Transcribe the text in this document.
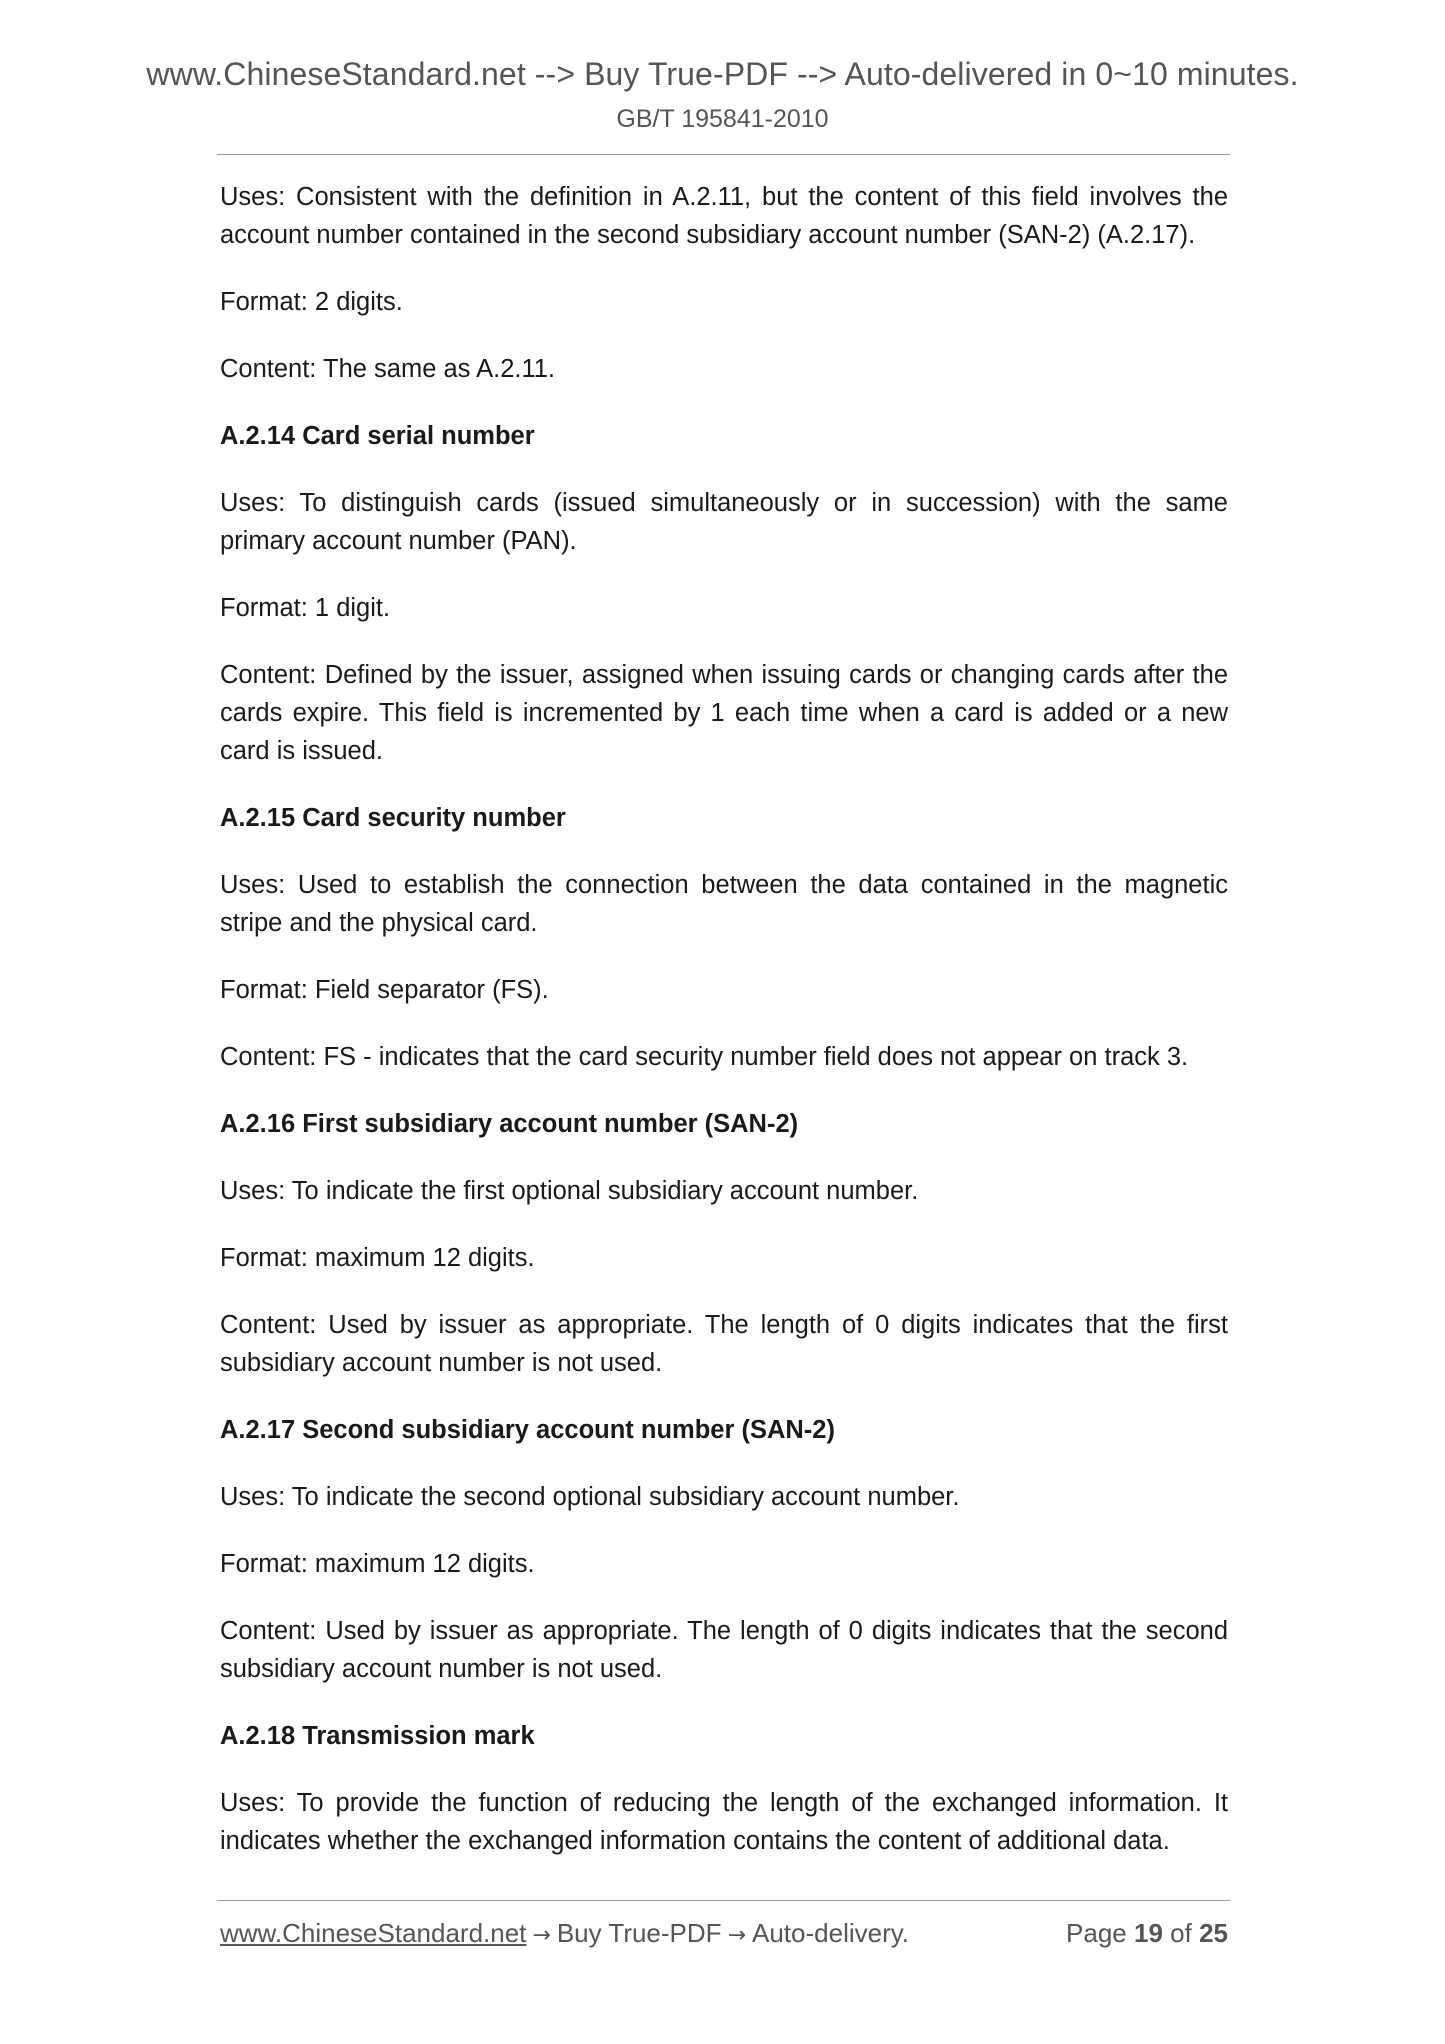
www.ChineseStandard.net --> Buy True-PDF --> Auto-delivered in 0~10 minutes.
GB/T 195841-2010

Uses: Consistent with the definition in A.2.11, but the content of this field involves the account number contained in the second subsidiary account number (SAN-2) (A.2.17).

Format: 2 digits.

Content: The same as A.2.11.

A.2.14 Card serial number

Uses: To distinguish cards (issued simultaneously or in succession) with the same primary account number (PAN).

Format: 1 digit.

Content: Defined by the issuer, assigned when issuing cards or changing cards after the cards expire. This field is incremented by 1 each time when a card is added or a new card is issued.

A.2.15 Card security number

Uses: Used to establish the connection between the data contained in the magnetic stripe and the physical card.

Format: Field separator (FS).

Content: FS - indicates that the card security number field does not appear on track 3.

A.2.16 First subsidiary account number (SAN-2)

Uses: To indicate the first optional subsidiary account number.

Format: maximum 12 digits.

Content: Used by issuer as appropriate. The length of 0 digits indicates that the first subsidiary account number is not used.

A.2.17 Second subsidiary account number (SAN-2)

Uses: To indicate the second optional subsidiary account number.

Format: maximum 12 digits.

Content: Used by issuer as appropriate. The length of 0 digits indicates that the second subsidiary account number is not used.

A.2.18 Transmission mark

Uses: To provide the function of reducing the length of the exchanged information. It indicates whether the exchanged information contains the content of additional data.

www.ChineseStandard.net → Buy True-PDF → Auto-delivery.	Page 19 of 25
